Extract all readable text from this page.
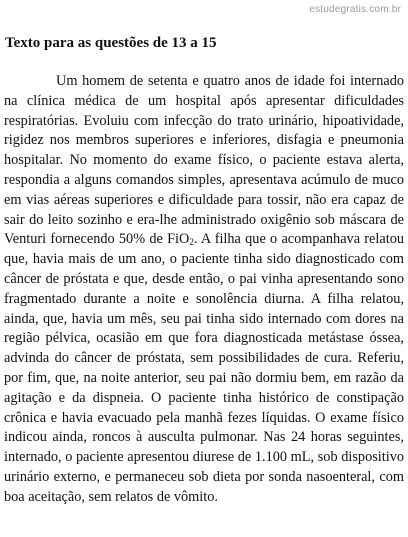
estudegratis.com.br
Texto para as questões de 13 a 15

Um homem de setenta e quatro anos de idade foi internado na clínica médica de um hospital após apresentar dificuldades respiratórias. Evoluiu com infecção do trato urinário, hipoatividade, rigidez nos membros superiores e inferiores, disfagia e pneumonia hospitalar. No momento do exame físico, o paciente estava alerta, respondia a alguns comandos simples, apresentava acúmulo de muco em vias aéreas superiores e dificuldade para tossir, não era capaz de sair do leito sozinho e era-lhe administrado oxigênio sob máscara de Venturi fornecendo 50% de FiO$_2$. A filha que o acompanhava relatou que, havia mais de um ano, o paciente tinha sido diagnosticado com câncer de próstata e que, desde então, o pai vinha apresentando sono fragmentado durante a noite e sonolência diurna. A filha relatou, ainda, que, havia um mês, seu pai tinha sido internado com dores na região pélvica, ocasião em que fora diagnosticada metástase óssea, advinda do câncer de próstata, sem possibilidades de cura. Referiu, por fim, que, na noite anterior, seu pai não dormiu bem, em razão da agitação e da dispneia. O paciente tinha histórico de constipação crônica e havia evacuado pela manhã fezes líquidas. O exame físico indicou ainda, roncos à ausculta pulmonar. Nas 24 horas seguintes, internado, o paciente apresentou diurese de 1.100 mL, sob dispositivo urinário externo, e permaneceu sob dieta por sonda nasoenteral, com boa aceitação, sem relatos de vômito.
